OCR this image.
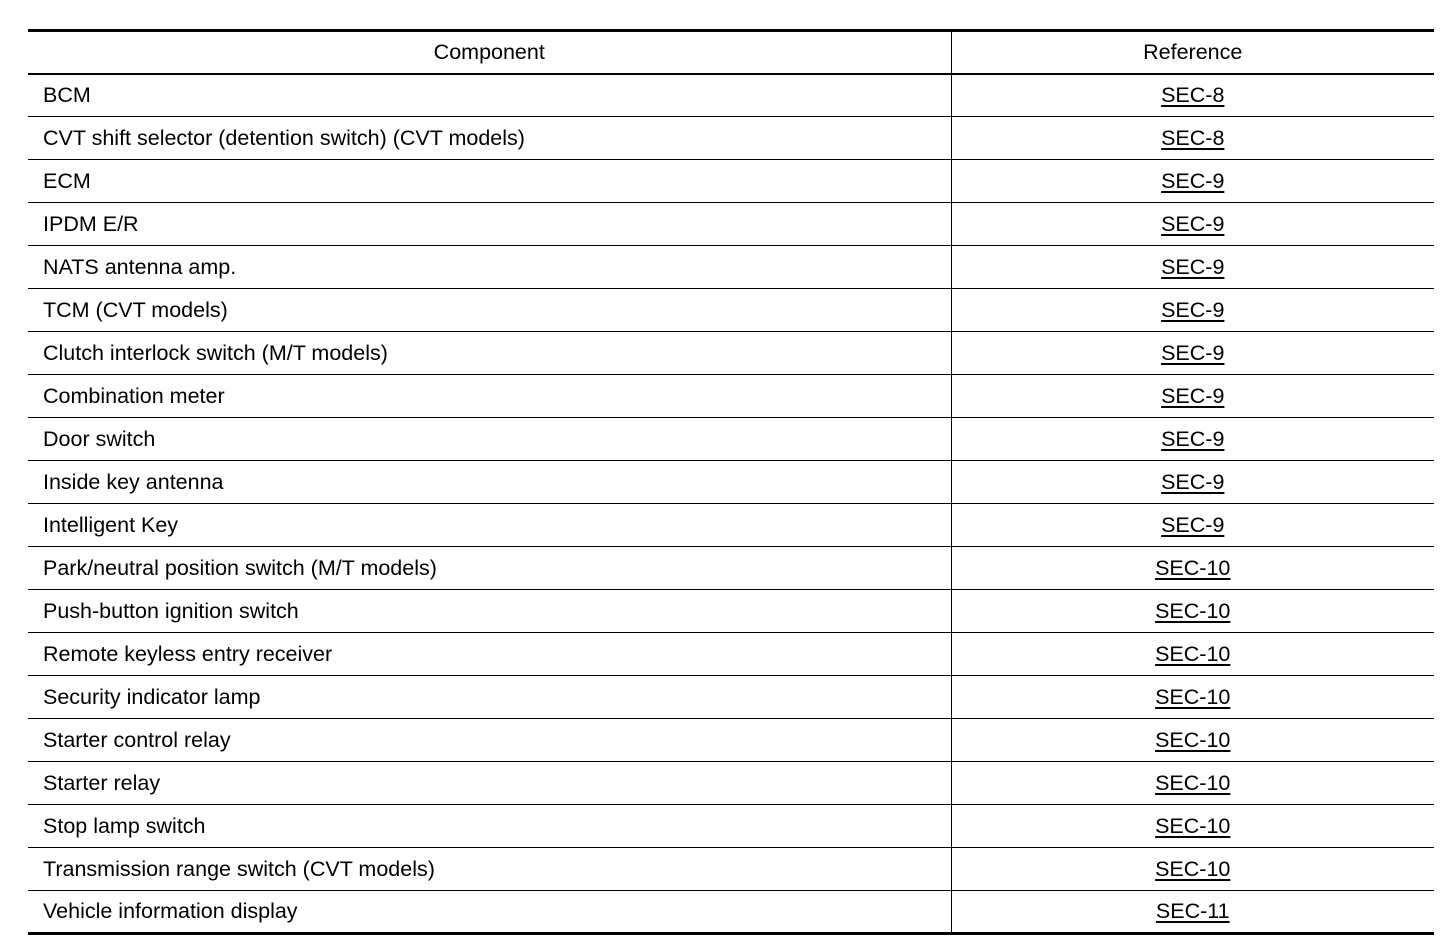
Component	Reference
BCM	SEC-8
CVT shift selector (detention switch) (CVT models)	SEC-8
ECM	SEC-9
IPDM E/R	SEC-9
NATS antenna amp.	SEC-9
TCM (CVT models)	SEC-9
Clutch interlock switch (M/T models)	SEC-9
Combination meter	SEC-9
Door switch	SEC-9
Inside key antenna	SEC-9
Intelligent Key	SEC-9
Park/neutral position switch (M/T models)	SEC-10
Push-button ignition switch	SEC-10
Remote keyless entry receiver	SEC-10
Security indicator lamp	SEC-10
Starter control relay	SEC-10
Starter relay	SEC-10
Stop lamp switch	SEC-10
Transmission range switch (CVT models)	SEC-10
Vehicle information display	SEC-11
